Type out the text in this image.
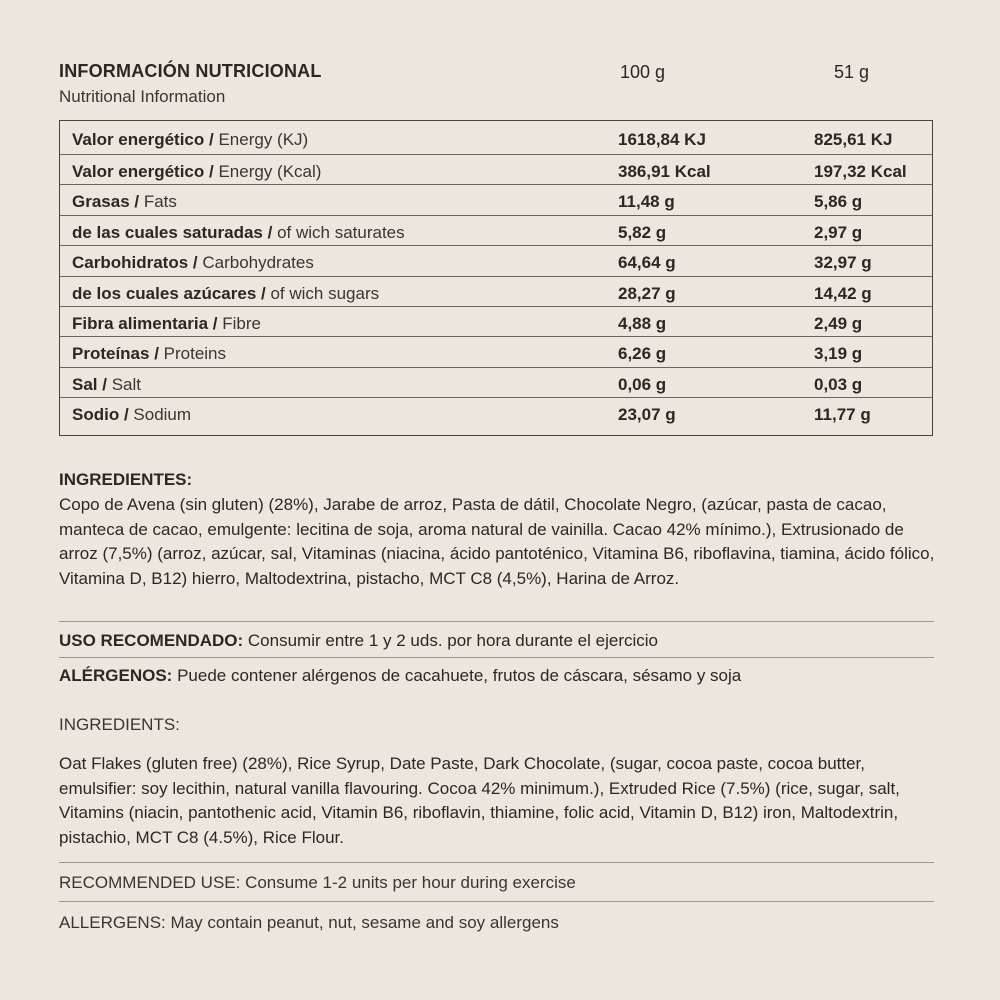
INFORMACIÓN NUTRICIONAL
Nutritional Information
100 g	51 g
Valor energético / Energy (KJ)	1618,84 KJ	825,61 KJ
Valor energético / Energy (Kcal)	386,91 Kcal	197,32 Kcal
Grasas / Fats	11,48 g	5,86 g
de las cuales saturadas / of wich saturates	5,82 g	2,97 g
Carbohidratos / Carbohydrates	64,64 g	32,97 g
de los cuales azúcares / of wich sugars	28,27 g	14,42 g
Fibra alimentaria / Fibre	4,88 g	2,49 g
Proteínas / Proteins	6,26 g	3,19 g
Sal / Salt	0,06 g	0,03 g
Sodio / Sodium	23,07 g	11,77 g
INGREDIENTES:
Copo de Avena (sin gluten) (28%), Jarabe de arroz, Pasta de dátil, Chocolate Negro, (azúcar, pasta de cacao, manteca de cacao, emulgente: lecitina de soja, aroma natural de vainilla. Cacao 42% mínimo.), Extrusionado de arroz (7,5%) (arroz, azúcar, sal, Vitaminas (niacina, ácido pantoténico, Vitamina B6, riboflavina, tiamina, ácido fólico, Vitamina D, B12) hierro, Maltodextrina, pistacho, MCT C8 (4,5%), Harina de Arroz.
USO RECOMENDADO: Consumir entre 1 y 2 uds. por hora durante el ejercicio
ALÉRGENOS: Puede contener alérgenos de cacahuete, frutos de cáscara, sésamo y soja
INGREDIENTS:
Oat Flakes (gluten free) (28%), Rice Syrup, Date Paste, Dark Chocolate, (sugar, cocoa paste, cocoa butter, emulsifier: soy lecithin, natural vanilla flavouring. Cocoa 42% minimum.), Extruded Rice (7.5%) (rice, sugar, salt, Vitamins (niacin, pantothenic acid, Vitamin B6, riboflavin, thiamine, folic acid, Vitamin D, B12) iron, Maltodextrin, pistachio, MCT C8 (4.5%), Rice Flour.
RECOMMENDED USE: Consume 1-2 units per hour during exercise
ALLERGENS: May contain peanut, nut, sesame and soy allergens
